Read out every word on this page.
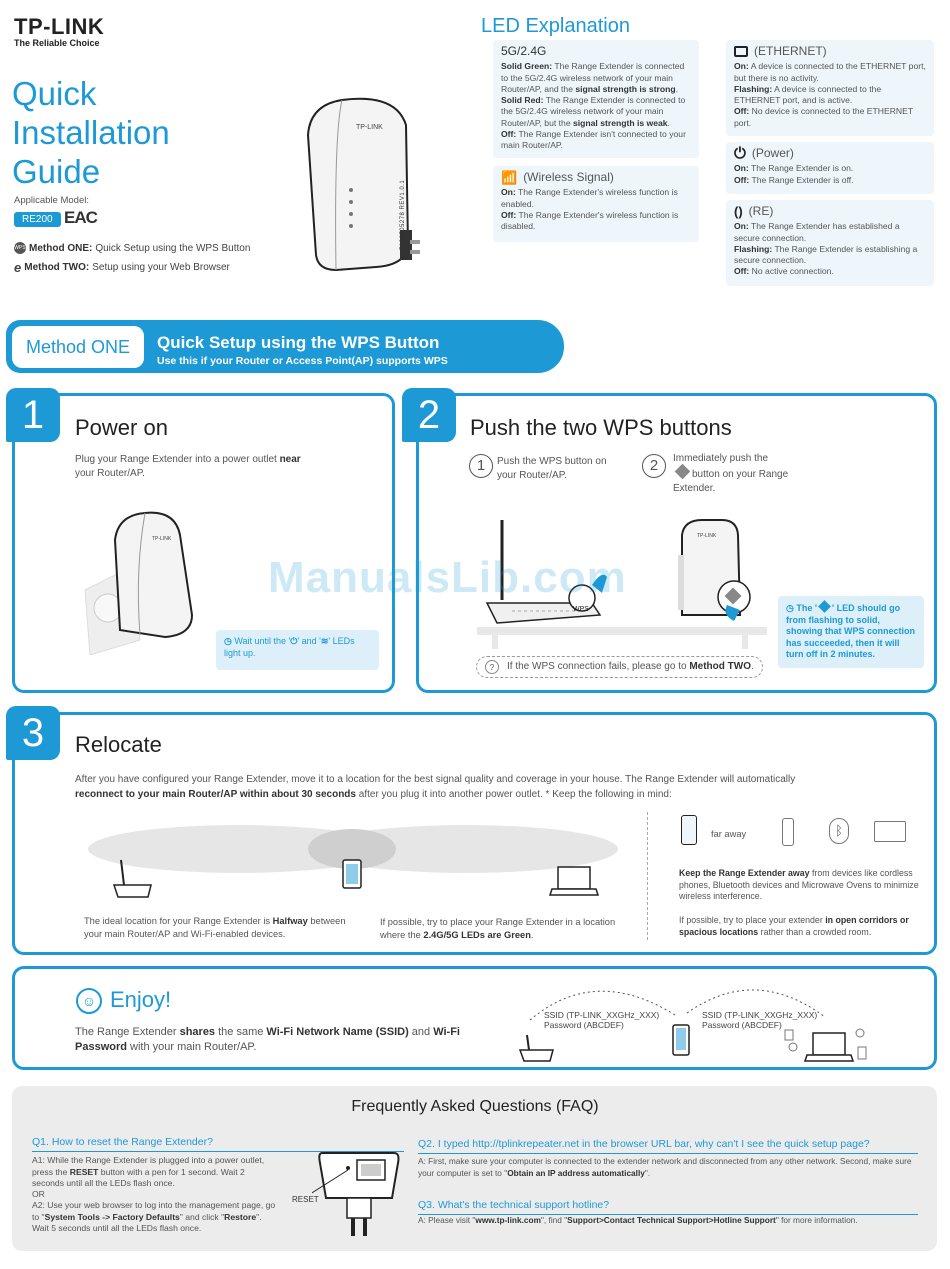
TP-LINK
The Reliable Choice
Quick
Installation
Guide
Applicable Model:
RE200 EAC
WPS Method ONE: Quick Setup using the WPS Button
e Method TWO: Setup using your Web Browser
TP-LINK
7106505278 REV1.0.1
LED Explanation
5G/2.4G
Solid Green: The Range Extender is connected to the 5G/2.4G wireless network of your main Router/AP, and the signal strength is strong.
Solid Red: The Range Extender is connected to the 5G/2.4G wireless network of your main Router/AP, but the signal strength is weak.
Off: The Range Extender isn't connected to your main Router/AP.
📶 (Wireless Signal)
On: The Range Extender's wireless function is enabled.
Off: The Range Extender's wireless function is disabled.
(ETHERNET)
On: A device is connected to the ETHERNET port, but there is no activity.
Flashing: A device is connected to the ETHERNET port, and is active.
Off: No device is connected to the ETHERNET port.
⏻ (Power)
On: The Range Extender is on.
Off: The Range Extender is off.
() (RE)
On: The Range Extender has established a secure connection.
Flashing: The Range Extender is establishing a secure connection.
Off: No active connection.
Method ONE	Quick Setup using the WPS Button
Use this if your Router or Access Point(AP) supports WPS
1	Power on
Plug your Range Extender into a power outlet near your Router/AP.
TP-LINK
◷ Wait until the '⏻' and '≋' LEDs light up.
2	Push the two WPS buttons
1	Push the WPS button on your Router/AP.
2	Immediately push the
button on your Range Extender.
WPS
TP-LINK
◷ The ' ' LED should go from flashing to solid, showing that WPS connection has succeeded, then it will turn off in 2 minutes.
?	If the WPS connection fails, please go to Method TWO.
ManualsLib.com
3	Relocate
After you have configured your Range Extender, move it to a location for the best signal quality and coverage in your house. The Range Extender will automatically reconnect to your main Router/AP within about 30 seconds after you plug it into another power outlet. * Keep the following in mind:
The ideal location for your Range Extender is Halfway between your main Router/AP and Wi-Fi-enabled devices.
If possible, try to place your Range Extender in a location where the 2.4G/5G LEDs are Green.
far away	ᛒ
Keep the Range Extender away from devices like cordless phones, Bluetooth devices and Microwave Ovens to minimize wireless interference.
If possible, try to place your extender in open corridors or spacious locations rather than a crowded room.
☺ Enjoy!
The Range Extender shares the same Wi-Fi Network Name (SSID) and Wi-Fi Password with your main Router/AP.
SSID (TP-LINK_XXGHz_XXX)
Password (ABCDEF)
SSID (TP-LINK_XXGHz_XXX)
Password (ABCDEF)
Frequently Asked Questions (FAQ)
Q1. How to reset the Range Extender?
A1: While the Range Extender is plugged into a power outlet, press the RESET button with a pen for 1 second. Wait 2 seconds until all the LEDs flash once.
OR
A2: Use your web browser to log into the management page, go to "System Tools -> Factory Defaults" and click "Restore". Wait 5 seconds until all the LEDs flash once.
RESET
Q2. I typed http://tplinkrepeater.net in the browser URL bar, why can't I see the quick setup page?
A: First, make sure your computer is connected to the extender network and disconnected from any other network. Second, make sure your computer is set to "Obtain an IP address automatically".
Q3. What's the technical support hotline?
A: Please visit "www.tp-link.com", find "Support>Contact Technical Support>Hotline Support" for more information.
